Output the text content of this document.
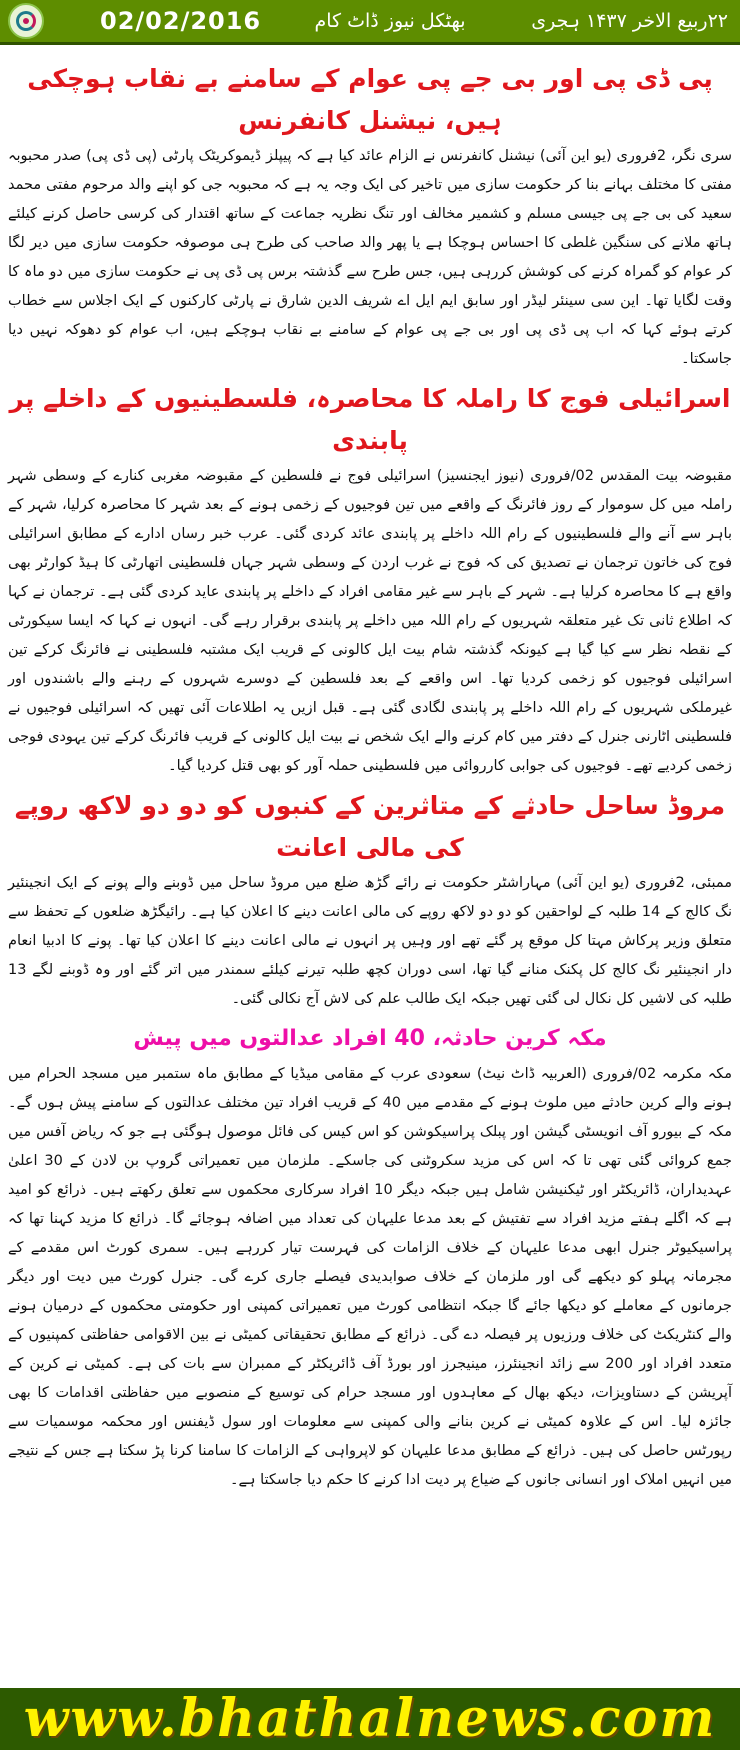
02/02/2016	بھٹکل نیوز ڈاٹ کام	۲۲ربیع الاخر ۱۴۳۷ ہجری
پی ڈی پی اور بی جے پی عوام کے سامنے بے نقاب ہوچکی ہیں، نیشنل کانفرنس

سری نگر، 2فروری (یو این آئی) نیشنل کانفرنس نے الزام عائد کیا ہے کہ پیپلز ڈیموکریٹک پارٹی (پی ڈی پی) صدر محبوبہ مفتی کا مختلف بہانے بنا کر حکومت سازی میں تاخیر کی ایک وجہ یہ ہے کہ محبوبہ جی کو اپنے والد مرحوم مفتی محمد سعید کی بی جے پی جیسی مسلم و کشمیر مخالف اور تنگ نظریہ جماعت کے ساتھ اقتدار کی کرسی حاصل کرنے کیلئے ہاتھ ملانے کی سنگین غلطی کا احساس ہوچکا ہے یا پھر والد صاحب کی طرح ہی موصوفہ حکومت سازی میں دیر لگا کر عوام کو گمراہ کرنے کی کوشش کررہی ہیں، جس طرح سے گذشتہ برس پی ڈی پی نے حکومت سازی میں دو ماہ کا وقت لگایا تھا۔ این سی سینئر لیڈر اور سابق ایم ایل اے شریف الدین شارق نے پارٹی کارکنوں کے ایک اجلاس سے خطاب کرتے ہوئے کہا کہ اب پی ڈی پی اور بی جے پی عوام کے سامنے بے نقاب ہوچکے ہیں، اب عوام کو دھوکہ نہیں دیا جاسکتا۔

اسرائیلی فوج کا راملہ کا محاصرہ، فلسطینیوں کے داخلے پر پابندی

مقبوضہ بیت المقدس 02/فروری (نیوز ایجنسیز) اسرائیلی فوج نے فلسطین کے مقبوضہ مغربی کنارے کے وسطی شہر راملہ میں کل سوموار کے روز فائرنگ کے واقعے میں تین فوجیوں کے زخمی ہونے کے بعد شہر کا محاصرہ کرلیا، شہر کے باہر سے آنے والے فلسطینیوں کے رام اللہ داخلے پر پابندی عائد کردی گئی۔ عرب خبر رساں ادارے کے مطابق اسرائیلی فوج کی خاتون ترجمان نے تصدیق کی کہ فوج نے غرب اردن کے وسطی شہر جہاں فلسطینی اتھارٹی کا ہیڈ کوارٹر بھی واقع ہے کا محاصرہ کرلیا ہے۔ شہر کے باہر سے غیر مقامی افراد کے داخلے پر پابندی عاید کردی گئی ہے۔ ترجمان نے کہا کہ اطلاع ثانی تک غیر متعلقہ شہریوں کے رام اللہ میں داخلے پر پابندی برقرار رہے گی۔ انہوں نے کہا کہ ایسا سیکورٹی کے نقطہ نظر سے کیا گیا ہے کیونکہ گذشتہ شام بیت ایل کالونی کے قریب ایک مشتبہ فلسطینی نے فائرنگ کرکے تین اسرائیلی فوجیوں کو زخمی کردیا تھا۔ اس واقعے کے بعد فلسطین کے دوسرے شہروں کے رہنے والے باشندوں اور غیرملکی شہریوں کے رام اللہ داخلے پر پابندی لگادی گئی ہے۔ قبل ازیں یہ اطلاعات آئی تھیں کہ اسرائیلی فوجیوں نے فلسطینی اٹارنی جنرل کے دفتر میں کام کرنے والے ایک شخص نے بیت ایل کالونی کے قریب فائرنگ کرکے تین یہودی فوجی زخمی کردیے تھے۔ فوجیوں کی جوابی کارروائی میں فلسطینی حملہ آور کو بھی قتل کردیا گیا۔

مروڈ ساحل حادثے کے متاثرین کے کنبوں کو دو دو لاکھ روپے کی مالی اعانت

ممبئی، 2فروری (یو این آئی) مہاراشٹر حکومت نے رائے گڑھ ضلع میں مروڈ ساحل میں ڈوبنے والے پونے کے ایک انجینئیر نگ کالج کے 14 طلبہ کے لواحقین کو دو دو لاکھ روپے کی مالی اعانت دینے کا اعلان کیا ہے۔ رائیگڑھ ضلعوں کے تحفظ سے متعلق وزیر پرکاش مہتا کل موقع پر گئے تھے اور وہیں پر انہوں نے مالی اعانت دینے کا اعلان کیا تھا۔ پونے کا ادبیا انعام دار انجینئیر نگ کالج کل پکنک منانے گیا تھا، اسی دوران کچھ طلبہ تیرنے کیلئے سمندر میں اتر گئے اور وہ ڈوبنے لگے 13 طلبہ کی لاشیں کل نکال لی گئی تھیں جبکہ ایک طالب علم کی لاش آج نکالی گئی۔

مکہ کرین حادثہ، 40 افراد عدالتوں میں پیش

مکہ مکرمہ 02/فروری (العربیہ ڈاٹ نیٹ) سعودی عرب کے مقامی میڈیا کے مطابق ماہ ستمبر میں مسجد الحرام میں ہونے والے کرین حادثے میں ملوث ہونے کے مقدمے میں 40 کے قریب افراد تین مختلف عدالتوں کے سامنے پیش ہوں گے۔ مکہ کے بیورو آف انویسٹی گیشن اور پبلک پراسیکوشن کو اس کیس کی فائل موصول ہوگئی ہے جو کہ ریاض آفس میں جمع کروائی گئی تھی تا کہ اس کی مزید سکروٹنی کی جاسکے۔ ملزمان میں تعمیراتی گروپ بن لادن کے 30 اعلیٰ عہدیداران، ڈائریکٹر اور ٹیکنیشن شامل ہیں جبکہ دیگر 10 افراد سرکاری محکموں سے تعلق رکھتے ہیں۔ ذرائع کو امید ہے کہ اگلے ہفتے مزید افراد سے تفتیش کے بعد مدعا علیہان کی تعداد میں اضافہ ہوجائے گا۔ ذرائع کا مزید کہنا تھا کہ پراسیکیوٹر جنرل ابھی مدعا علیہان کے خلاف الزامات کی فہرست تیار کررہے ہیں۔ سمری کورٹ اس مقدمے کے مجرمانہ پہلو کو دیکھے گی اور ملزمان کے خلاف صوابدیدی فیصلے جاری کرے گی۔ جنرل کورٹ میں دیت اور دیگر جرمانوں کے معاملے کو دیکھا جائے گا جبکہ انتظامی کورٹ میں تعمیراتی کمپنی اور حکومتی محکموں کے درمیان ہونے والے کنٹریکٹ کی خلاف ورزیوں پر فیصلہ دے گی۔ ذرائع کے مطابق تحقیقاتی کمیٹی نے بین الاقوامی حفاظتی کمپنیوں کے متعدد افراد اور 200 سے زائد انجینئرز، مینیجرز اور بورڈ آف ڈائریکٹر کے ممبران سے بات کی ہے۔ کمیٹی نے کرین کے آپریشن کے دستاویزات، دیکھ بھال کے معاہدوں اور مسجد حرام کی توسیع کے منصوبے میں حفاظتی اقدامات کا بھی جائزہ لیا۔ اس کے علاوہ کمیٹی نے کرین بنانے والی کمپنی سے معلومات اور سول ڈیفنس اور محکمہ موسمیات سے رپورٹس حاصل کی ہیں۔ ذرائع کے مطابق مدعا علیہان کو لاپرواہی کے الزامات کا سامنا کرنا پڑ سکتا ہے جس کے نتیجے میں انہیں املاک اور انسانی جانوں کے ضیاع پر دیت ادا کرنے کا حکم دیا جاسکتا ہے۔

www.bhathalnews.com
